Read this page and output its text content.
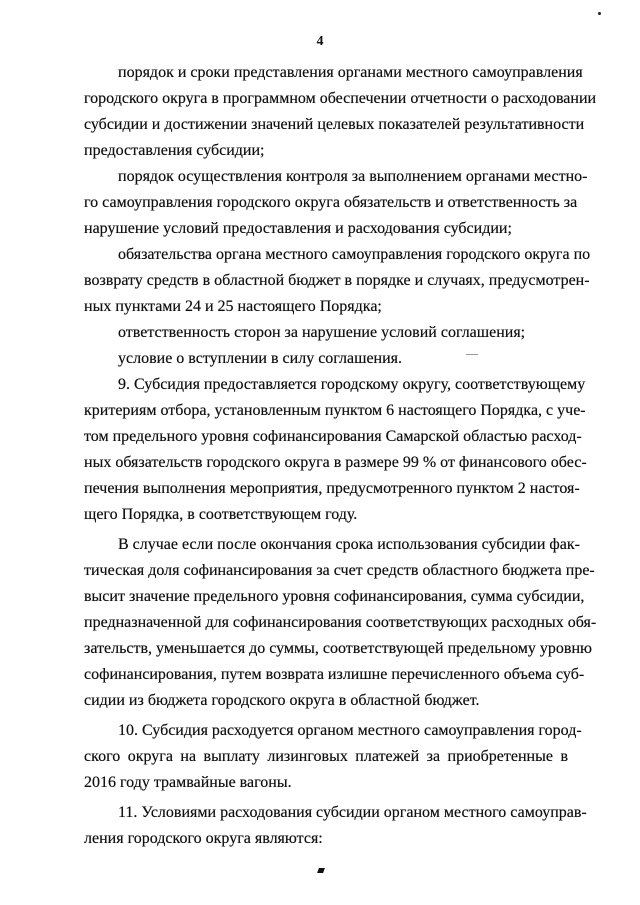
4
порядок и сроки представления органами местного самоуправления
городского округа в программном обеспечении отчетности о расходовании
субсидии и достижении значений целевых показателей результативности
предоставления субсидии;
порядок осуществления контроля за выполнением органами местно-
го самоуправления городского округа обязательств и ответственность за
нарушение условий предоставления и расходования субсидии;
обязательства органа местного самоуправления городского округа по
возврату средств в областной бюджет в порядке и случаях, предусмотрен-
ных пунктами 24 и 25 настоящего Порядка;
ответственность сторон за нарушение условий соглашения;
условие о вступлении в силу соглашения.
9. Субсидия предоставляется городскому округу, соответствующему
критериям отбора, установленным пунктом 6 настоящего Порядка, с уче-
том предельного уровня софинансирования Самарской областью расход-
ных обязательств городского округа в размере 99 % от финансового обес-
печения выполнения мероприятия, предусмотренного пунктом 2 настоя-
щего Порядка, в соответствующем году.
В случае если после окончания срока использования субсидии фак-
тическая доля софинансирования за счет средств областного бюджета пре-
высит значение предельного уровня софинансирования, сумма субсидии,
предназначенной для софинансирования соответствующих расходных обя-
зательств, уменьшается до суммы, соответствующей предельному уровню
софинансирования, путем возврата излишне перечисленного объема суб-
сидии из бюджета городского округа в областной бюджет.
10. Субсидия расходуется органом местного самоуправления город-
ского округа на выплату лизинговых платежей за приобретенные в
2016 году трамвайные вагоны.
11. Условиями расходования субсидии органом местного самоуправ-
ления городского округа являются:
